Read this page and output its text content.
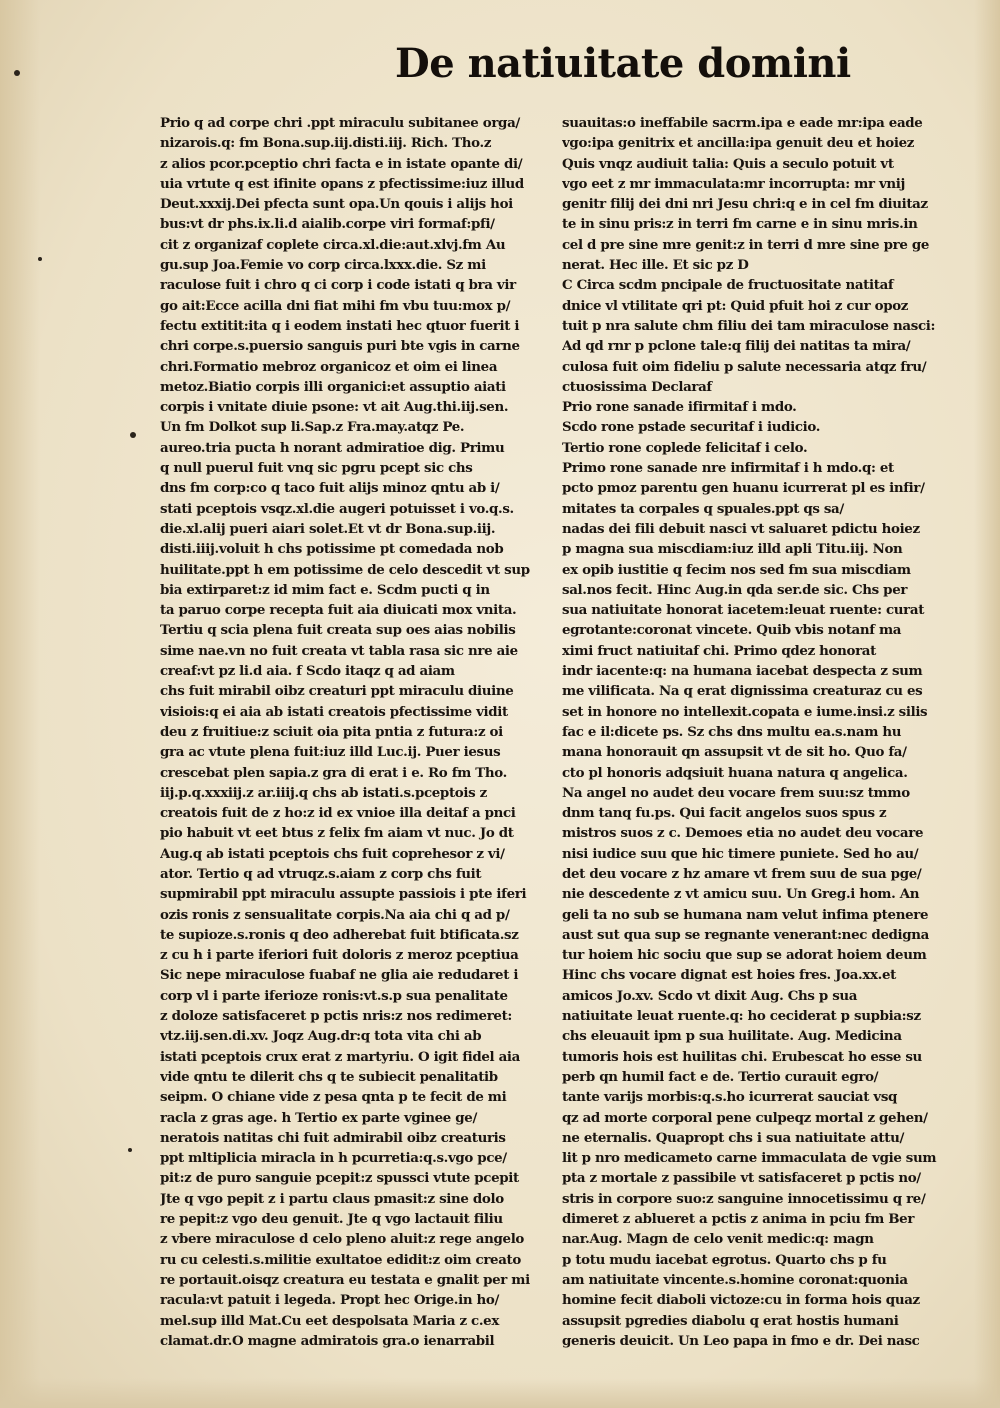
De natiuitate domini
Prio q ad corpe chri .ppt miraculu subitanee orga/
nizarois.q: fm Bona.sup.iij.disti.iij. Rich. Tho.z
z alios pcor.pceptio chri facta e in istate opante di/
uia vrtute q est ifinite opans z pfectissime:iuz illud
Deut.xxxij.Dei pfecta sunt opa.Un qouis i alijs hoi
bus:vt dr phs.ix.li.d aialib.corpe viri formaf:pfi/
cit z organizaf coplete circa.xl.die:aut.xlvj.fm Au
gu.sup Joa.Femie vo corp circa.lxxx.die. Sz mi
raculose fuit i chro q ci corp i code istati q bra vir
go ait:Ecce acilla dni fiat mihi fm vbu tuu:mox p/
fectu extitit:ita q i eodem instati hec qtuor fuerit i
chri corpe.s.puersio sanguis puri bte vgis in carne
chri.Formatio mebroz organicoz et oim ei linea
metoz.Biatio corpis illi organici:et assuptio aiati
corpis i vnitate diuie psone: vt ait Aug.thi.iij.sen.
Un fm Dolkot sup li.Sap.z Fra.may.atqz Pe.
aureo.tria pucta h norant admiratioe dig. Primu
q null puerul fuit vnq sic pgru pcept sic chs
dns fm corp:co q taco fuit alijs minoz qntu ab i/
stati pceptois vsqz.xl.die augeri potuisset i vo.q.s.
die.xl.alij pueri aiari solet.Et vt dr Bona.sup.iij.
disti.iiij.voluit h chs potissime pt comedada nob
huilitate.ppt h em potissime de celo descedit vt sup
bia extirparet:z id mim fact e. Scdm pucti q in
ta paruo corpe recepta fuit aia diuicati mox vnita.
Tertiu q scia plena fuit creata sup oes aias nobilis
sime nae.vn no fuit creata vt tabla rasa sic nre aie
creaf:vt pz li.d aia. f Scdo itaqz q ad aiam
chs fuit mirabil oibz creaturi ppt miraculu diuine
visiois:q ei aia ab istati creatois pfectissime vidit
deu z fruitiue:z sciuit oia pita pntia z futura:z oi
gra ac vtute plena fuit:iuz illd Luc.ij. Puer iesus
crescebat plen sapia.z gra di erat i e. Ro fm Tho.
iij.p.q.xxxiij.z ar.iiij.q chs ab istati.s.pceptois z
creatois fuit de z ho:z id ex vnioe illa deitaf a pnci
pio habuit vt eet btus z felix fm aiam vt nuc. Jo dt
Aug.q ab istati pceptois chs fuit coprehesor z vi/
ator. Tertio q ad vtruqz.s.aiam z corp chs fuit
supmirabil ppt miraculu assupte passiois i pte iferi
ozis ronis z sensualitate corpis.Na aia chi q ad p/
te supioze.s.ronis q deo adherebat fuit btificata.sz
z cu h i parte iferiori fuit doloris z meroz pceptiua
Sic nepe miraculose fuabaf ne glia aie redudaret i
corp vl i parte iferioze ronis:vt.s.p sua penalitate
z doloze satisfaceret p pctis nris:z nos redimeret:
vtz.iij.sen.di.xv. Joqz Aug.dr:q tota vita chi ab
istati pceptois crux erat z martyriu. O igit fidel aia
vide qntu te dilerit chs q te subiecit penalitatib
seipm. O chiane vide z pesa qnta p te fecit de mi
racla z gras age. h Tertio ex parte vginee ge/
neratois natitas chi fuit admirabil oibz creaturis
ppt mltiplicia miracla in h pcurretia:q.s.vgo pce/
pit:z de puro sanguie pcepit:z spussci vtute pcepit
Jte q vgo pepit z i partu claus pmasit:z sine dolo
re pepit:z vgo deu genuit. Jte q vgo lactauit filiu
z vbere miraculose d celo pleno aluit:z rege angelo
ru cu celesti.s.militie exultatoe edidit:z oim creato
re portauit.oisqz creatura eu testata e gnalit per mi
racula:vt patuit i legeda. Propt hec Orige.in ho/
mel.sup illd Mat.Cu eet despolsata Maria z c.ex
clamat.dr.O magne admiratois gra.o ienarrabil
suauitas:o ineffabile sacrm.ipa e eade mr:ipa eade
vgo:ipa genitrix et ancilla:ipa genuit deu et hoiez
Quis vnqz audiuit talia: Quis a seculo potuit vt
vgo eet z mr immaculata:mr incorrupta: mr vnij
genitr filij dei dni nri Jesu chri:q e in cel fm diuitaz
te in sinu pris:z in terri fm carne e in sinu mris.in
cel d pre sine mre genit:z in terri d mre sine pre ge
nerat. Hec ille. Et sic pz D
C Circa scdm pncipale de fructuositate natitaf
dnice vl vtilitate qri pt: Quid pfuit hoi z cur opoz
tuit p nra salute chm filiu dei tam miraculose nasci:
Ad qd rnr p pclone tale:q filij dei natitas ta mira/
culosa fuit oim fideliu p salute necessaria atqz fru/
ctuosissima Declaraf
Prio rone sanade ifirmitaf i mdo.
Scdo rone pstade securitaf i iudicio.
Tertio rone coplede felicitaf i celo.
Primo rone sanade nre infirmitaf i h mdo.q: et
pcto pmoz parentu gen huanu icurrerat pl es infir/
mitates ta corpales q spuales.ppt qs sa/
nadas dei fili debuit nasci vt saluaret pdictu hoiez
p magna sua miscdiam:iuz illd apli Titu.iij. Non
ex opib iustitie q fecim nos sed fm sua miscdiam
sal.nos fecit. Hinc Aug.in qda ser.de sic. Chs per
sua natiuitate honorat iacetem:leuat ruente: curat
egrotante:coronat vincete. Quib vbis notanf ma
ximi fruct natiuitaf chi. Primo qdez honorat
indr iacente:q: na humana iacebat despecta z sum
me vilificata. Na q erat dignissima creaturaz cu es
set in honore no intellexit.copata e iume.insi.z silis
fac e il:dicete ps. Sz chs dns multu ea.s.nam hu
mana honorauit qn assupsit vt de sit ho. Quo fa/
cto pl honoris adqsiuit huana natura q angelica.
Na angel no audet deu vocare frem suu:sz tmmo
dnm tanq fu.ps. Qui facit angelos suos spus z
mistros suos z c. Demoes etia no audet deu vocare
nisi iudice suu que hic timere puniete. Sed ho au/
det deu vocare z hz amare vt frem suu de sua pge/
nie descedente z vt amicu suu. Un Greg.i hom. An
geli ta no sub se humana nam velut infima ptenere
aust sut qua sup se regnante venerant:nec dedigna
tur hoiem hic sociu que sup se adorat hoiem deum
Hinc chs vocare dignat est hoies fres. Joa.xx.et
amicos Jo.xv. Scdo vt dixit Aug. Chs p sua
natiuitate leuat ruente.q: ho ceciderat p supbia:sz
chs eleuauit ipm p sua huilitate. Aug. Medicina
tumoris hois est huilitas chi. Erubescat ho esse su
perb qn humil fact e de. Tertio curauit egro/
tante varijs morbis:q.s.ho icurrerat sauciat vsq
qz ad morte corporal pene culpeqz mortal z gehen/
ne eternalis. Quapropt chs i sua natiuitate attu/
lit p nro medicameto carne immaculata de vgie sum
pta z mortale z passibile vt satisfaceret p pctis no/
stris in corpore suo:z sanguine innocetissimu q re/
dimeret z ablueret a pctis z anima in pciu fm Ber
nar.Aug. Magn de celo venit medic:q: magn
p totu mudu iacebat egrotus. Quarto chs p fu
am natiuitate vincente.s.homine coronat:quonia
homine fecit diaboli victoze:cu in forma hois quaz
assupsit pgredies diabolu q erat hostis humani
generis deuicit. Un Leo papa in fmo e dr. Dei nasc
